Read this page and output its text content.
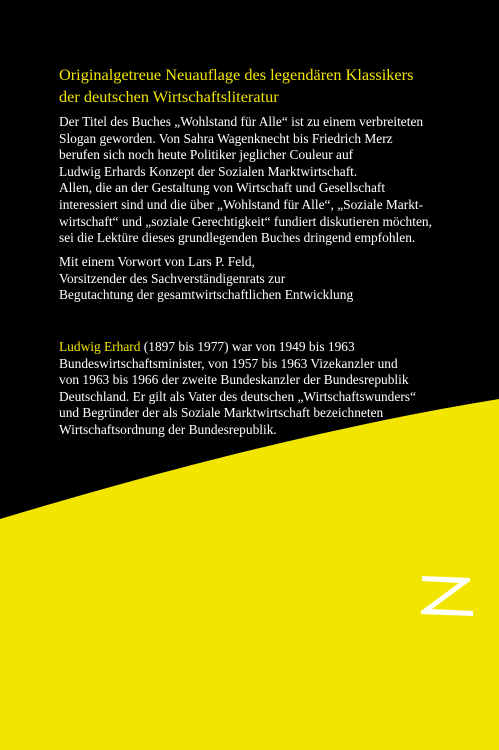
Originalgetreue Neuauflage des legendären Klassikers
der deutschen Wirtschaftsliteratur
Der Titel des Buches „Wohlstand für Alle“ ist zu einem verbreiteten
Slogan geworden. Von Sahra Wagenknecht bis Friedrich Merz
berufen sich noch heute Politiker jeglicher Couleur auf
Ludwig Erhards Konzept der Sozialen Marktwirtschaft.
Allen, die an der Gestaltung von Wirtschaft und Gesellschaft
interessiert sind und die über „Wohlstand für Alle“, „Soziale Markt-
wirtschaft“ und „soziale Gerechtigkeit“ fundiert diskutieren möchten,
sei die Lektüre dieses grundlegenden Buches dringend empfohlen.
Mit einem Vorwort von Lars P. Feld,
Vorsitzender des Sachverständigenrats zur
Begutachtung der gesamtwirtschaftlichen Entwicklung
Ludwig Erhard (1897 bis 1977) war von 1949 bis 1963
Bundeswirtschaftsminister, von 1957 bis 1963 Vizekanzler und
von 1963 bis 1966 der zweite Bundeskanzler der Bundesrepublik
Deutschland. Er gilt als Vater des deutschen „Wirtschaftswunders“
und Begründer der als Soziale Marktwirtschaft bezeichneten
Wirtschaftsordnung der Bundesrepublik.
